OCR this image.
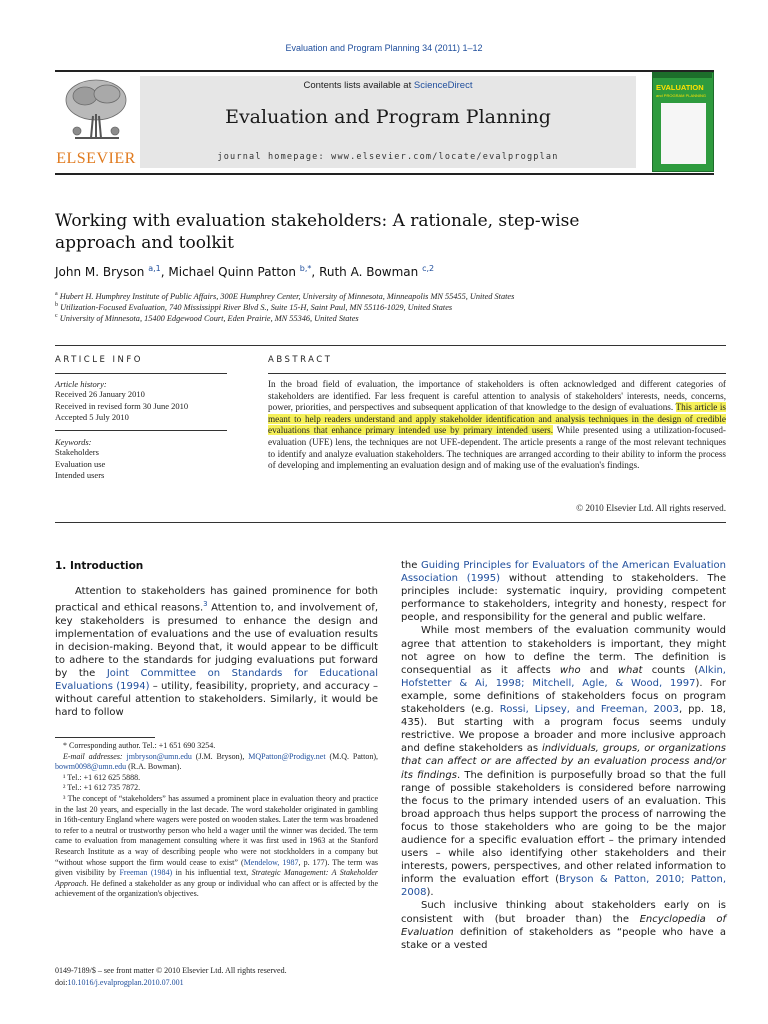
Evaluation and Program Planning 34 (2011) 1–12
ELSEVIER
Contents lists available at ScienceDirect
Evaluation and Program Planning
journal homepage: www.elsevier.com/locate/evalprogplan
EVALUATION
and PROGRAM PLANNING
Working with evaluation stakeholders: A rationale, step-wise approach and toolkit
John M. Bryson $^{a,1}$, Michael Quinn Patton $^{b,*}$, Ruth A. Bowman $^{c,2}$
$^a$ Hubert H. Humphrey Institute of Public Affairs, 300E Humphrey Center, University of Minnesota, Minneapolis MN 55455, United States
$^b$ Utilization-Focused Evaluation, 740 Mississippi River Blvd S., Suite 15-H, Saint Paul, MN 55116-1029, United States
$^c$ University of Minnesota, 15400 Edgewood Court, Eden Prairie, MN 55346, United States
ARTICLE INFO	ABSTRACT
Article history:
Received 26 January 2010
Received in revised form 30 June 2010
Accepted 5 July 2010
Keywords:
Stakeholders
Evaluation use
Intended users
In the broad field of evaluation, the importance of stakeholders is often acknowledged and different categories of stakeholders are identified. Far less frequent is careful attention to analysis of stakeholders' interests, needs, concerns, power, priorities, and perspectives and subsequent application of that knowledge to the design of evaluations. This article is meant to help readers understand and apply stakeholder identification and analysis techniques in the design of credible evaluations that enhance primary intended use by primary intended users. While presented using a utilization-focused-evaluation (UFE) lens, the techniques are not UFE-dependent. The article presents a range of the most relevant techniques to identify and analyze evaluation stakeholders. The techniques are arranged according to their ability to inform the process of developing and implementing an evaluation design and of making use of the evaluation's findings.
© 2010 Elsevier Ltd. All rights reserved.
1. Introduction

Attention to stakeholders has gained prominence for both practical and ethical reasons.$^3$ Attention to, and involvement of, key stakeholders is presumed to enhance the design and implementation of evaluations and the use of evaluation results in decision-making. Beyond that, it would appear to be difficult to adhere to the standards for judging evaluations put forward by the Joint Committee on Standards for Educational Evaluations (1994) – utility, feasibility, propriety, and accuracy – without careful attention to stakeholders. Similarly, it would be hard to follow

the Guiding Principles for Evaluators of the American Evaluation Association (1995) without attending to stakeholders. The principles include: systematic inquiry, providing competent performance to stakeholders, integrity and honesty, respect for people, and responsibility for the general and public welfare.

While most members of the evaluation community would agree that attention to stakeholders is important, they might not agree on how to define the term. The definition is consequential as it affects who and what counts (Alkin, Hofstetter & Ai, 1998; Mitchell, Agle, & Wood, 1997). For example, some definitions of stakeholders focus on program stakeholders (e.g. Rossi, Lipsey, and Freeman, 2003, pp. 18, 435). But starting with a program focus seems unduly restrictive. We propose a broader and more inclusive approach and define stakeholders as individuals, groups, or organizations that can affect or are affected by an evaluation process and/or its findings. The definition is purposefully broad so that the full range of possible stakeholders is considered before narrowing the focus to the primary intended users of an evaluation. This broad approach thus helps support the process of narrowing the focus to those stakeholders who are going to be the major audience for a specific evaluation effort – the primary intended users – while also identifying other stakeholders and their interests, powers, perspectives, and other related information to inform the evaluation effort (Bryson & Patton, 2010; Patton, 2008).

Such inclusive thinking about stakeholders early on is consistent with (but broader than) the Encyclopedia of Evaluation definition of stakeholders as “people who have a stake or a vested

* Corresponding author. Tel.: +1 651 690 3254.

E-mail addresses: jmbryson@umn.edu (J.M. Bryson), MQPatton@Prodigy.net (M.Q. Patton), bowm0098@umn.edu (R.A. Bowman).

¹ Tel.: +1 612 625 5888.

² Tel.: +1 612 735 7872.

³ The concept of “stakeholders” has assumed a prominent place in evaluation theory and practice in the last 20 years, and especially in the last decade. The word stakeholder originated in gambling in 16th-century England where wagers were posted on wooden stakes. Later the term was broadened to refer to a neutral or trustworthy person who held a wager until the winner was decided. The term came to evaluation from management consulting where it was first used in 1963 at the Stanford Research Institute as a way of describing people who were not stockholders in a company but “without whose support the firm would cease to exist” (Mendelow, 1987, p. 177). The term was given visibility by Freeman (1984) in his influential text, Strategic Management: A Stakeholder Approach. He defined a stakeholder as any group or individual who can affect or is affected by the achievement of the organization's objectives.

0149-7189/$ – see front matter © 2010 Elsevier Ltd. All rights reserved.
doi:10.1016/j.evalprogplan.2010.07.001
